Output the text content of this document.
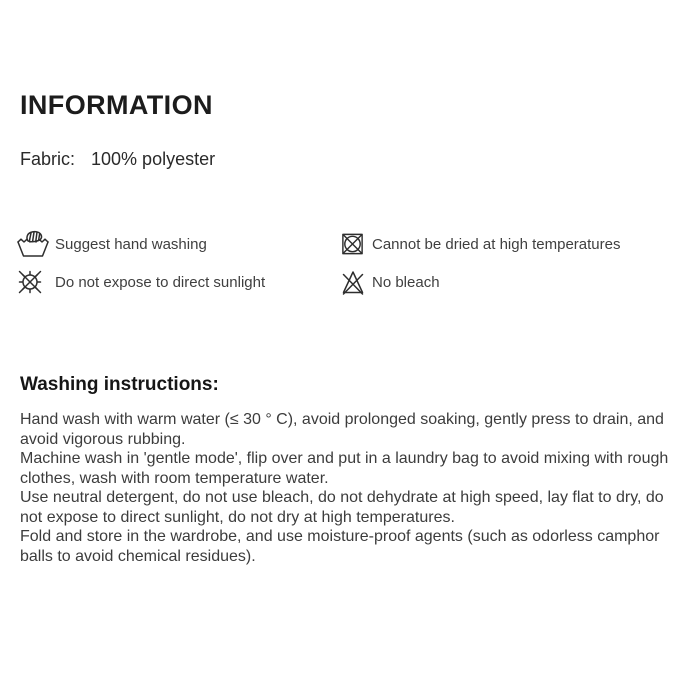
INFORMATION
Fabric: 100% polyester
Suggest hand washing	Cannot be dried at high temperatures
Do not expose to direct sunlight	No bleach
Washing instructions:

Hand wash with warm water (≤ 30 ° C), avoid prolonged soaking, gently press to drain, and avoid vigorous rubbing.

Machine wash in 'gentle mode', flip over and put in a laundry bag to avoid mixing with rough clothes, wash with room temperature water.

Use neutral detergent, do not use bleach, do not dehydrate at high speed, lay flat to dry, do not expose to direct sunlight, do not dry at high temperatures.

Fold and store in the wardrobe, and use moisture-proof agents (such as odorless camphor balls to avoid chemical residues).
